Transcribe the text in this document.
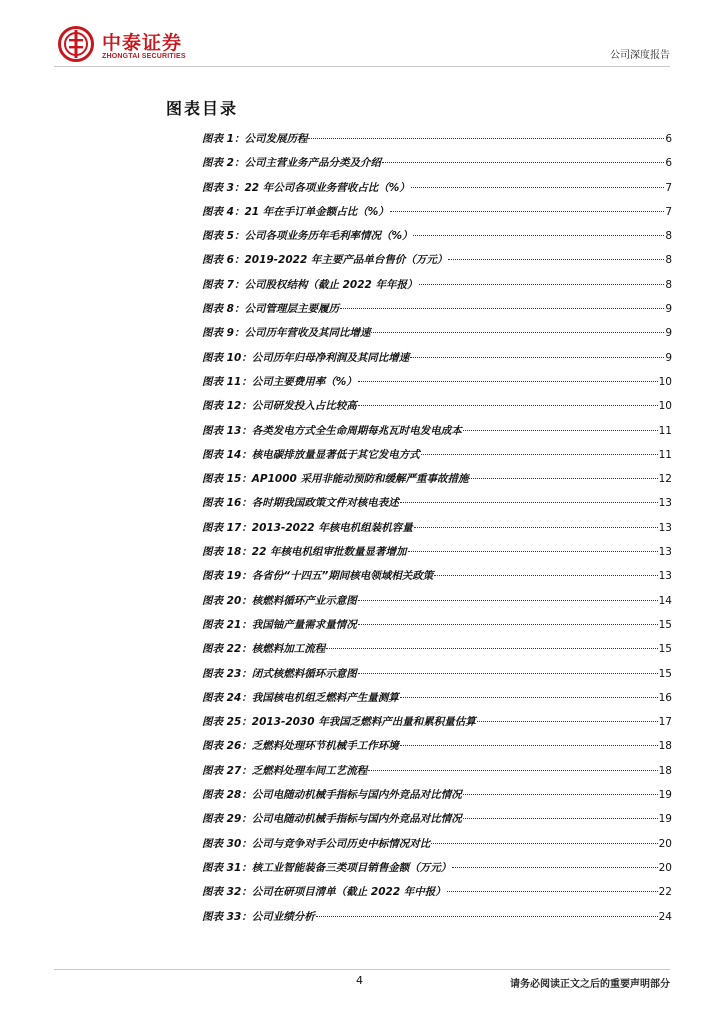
中泰证券
ZHONGTAI SECURITIES	公司深度报告
图表目录
图表 1：公司发展历程	6
图表 2：公司主营业务产品分类及介绍	6
图表 3：22 年公司各项业务营收占比（%）	7
图表 4：21 年在手订单金额占比（%）	7
图表 5：公司各项业务历年毛利率情况（%）	8
图表 6：2019-2022 年主要产品单台售价（万元）	8
图表 7：公司股权结构（截止 2022 年年报）	8
图表 8：公司管理层主要履历	9
图表 9：公司历年营收及其同比增速	9
图表 10：公司历年归母净利润及其同比增速	9
图表 11：公司主要费用率（%）	10
图表 12：公司研发投入占比较高	10
图表 13：各类发电方式全生命周期每兆瓦时电发电成本	11
图表 14：核电碳排放量显著低于其它发电方式	11
图表 15：AP1000 采用非能动预防和缓解严重事故措施	12
图表 16：各时期我国政策文件对核电表述	13
图表 17：2013-2022 年核电机组装机容量	13
图表 18：22 年核电机组审批数量显著增加	13
图表 19：各省份“十四五”期间核电领域相关政策	13
图表 20：核燃料循环产业示意图	14
图表 21：我国铀产量需求量情况	15
图表 22：核燃料加工流程	15
图表 23：闭式核燃料循环示意图	15
图表 24：我国核电机组乏燃料产生量测算	16
图表 25：2013-2030 年我国乏燃料产出量和累积量估算	17
图表 26：乏燃料处理环节机械手工作环境	18
图表 27：乏燃料处理车间工艺流程	18
图表 28：公司电随动机械手指标与国内外竞品对比情况	19
图表 29：公司电随动机械手指标与国内外竞品对比情况	19
图表 30：公司与竞争对手公司历史中标情况对比	20
图表 31：核工业智能装备三类项目销售金额（万元）	20
图表 32：公司在研项目清单（截止 2022 年中报）	22
图表 33：公司业绩分析	24
4	请务必阅读正文之后的重要声明部分
